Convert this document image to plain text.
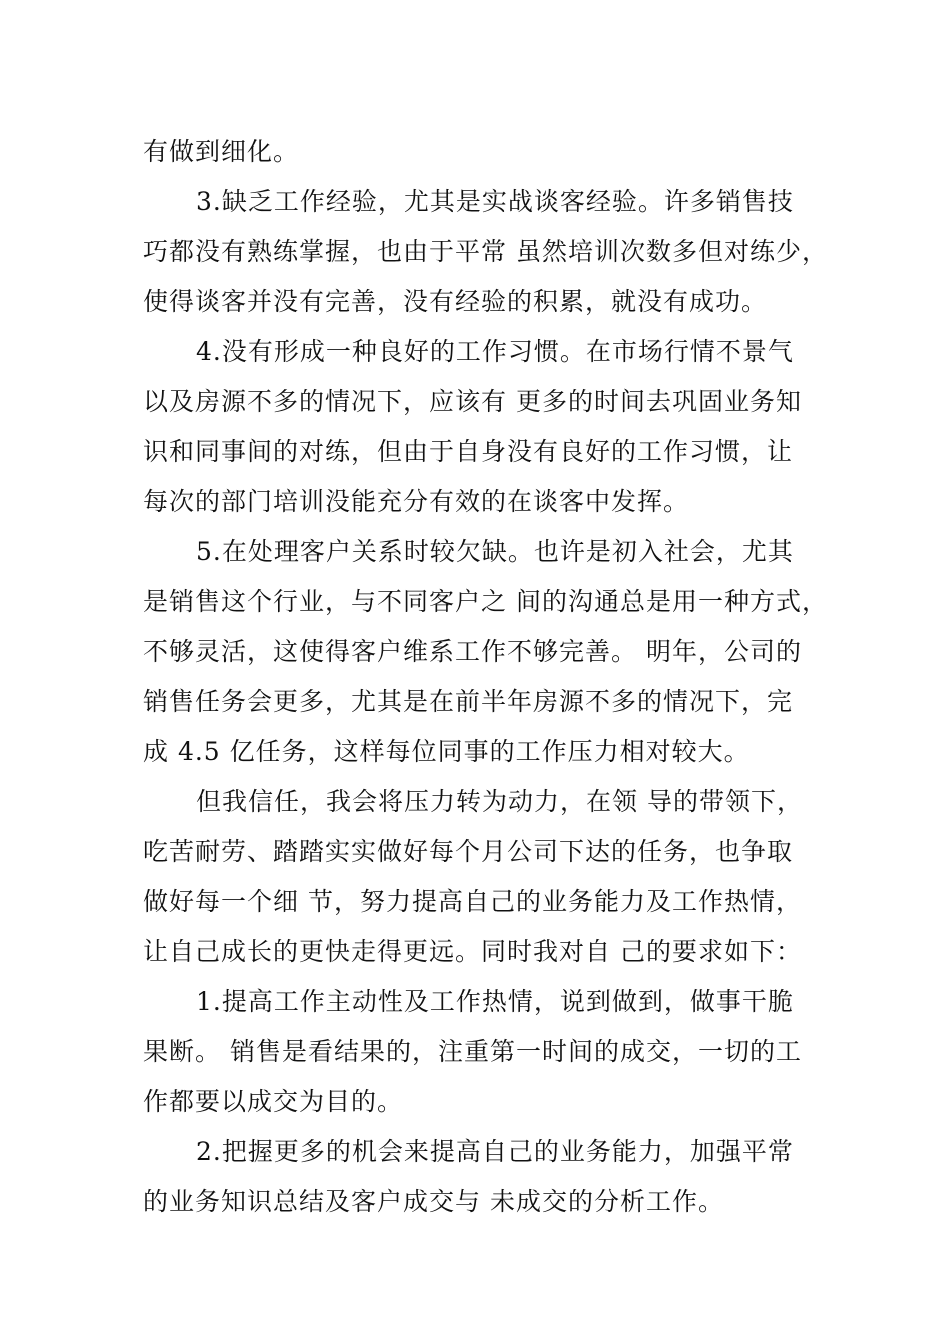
有做到细化。
3.缺乏工作经验，尤其是实战谈客经验。许多销售技
巧都没有熟练掌握，也由于平常 虽然培训次数多但对练少，
使得谈客并没有完善，没有经验的积累，就没有成功。
4.没有形成一种良好的工作习惯。在市场行情不景气
以及房源不多的情况下，应该有 更多的时间去巩固业务知
识和同事间的对练，但由于自身没有良好的工作习惯，让
每次的部门培训没能充分有效的在谈客中发挥。
5.在处理客户关系时较欠缺。也许是初入社会，尤其
是销售这个行业，与不同客户之 间的沟通总是用一种方式，
不够灵活，这使得客户维系工作不够完善。 明年，公司的
销售任务会更多，尤其是在前半年房源不多的情况下，完
成 4.5 亿任务，这样每位同事的工作压力相对较大。
但我信任，我会将压力转为动力，在领 导的带领下，
吃苦耐劳、踏踏实实做好每个月公司下达的任务，也争取
做好每一个细 节，努力提高自己的业务能力及工作热情，
让自己成长的更快走得更远。同时我对自 己的要求如下：
1.提高工作主动性及工作热情，说到做到，做事干脆
果断。 销售是看结果的，注重第一时间的成交，一切的工
作都要以成交为目的。
2.把握更多的机会来提高自己的业务能力，加强平常
的业务知识总结及客户成交与 未成交的分析工作。
